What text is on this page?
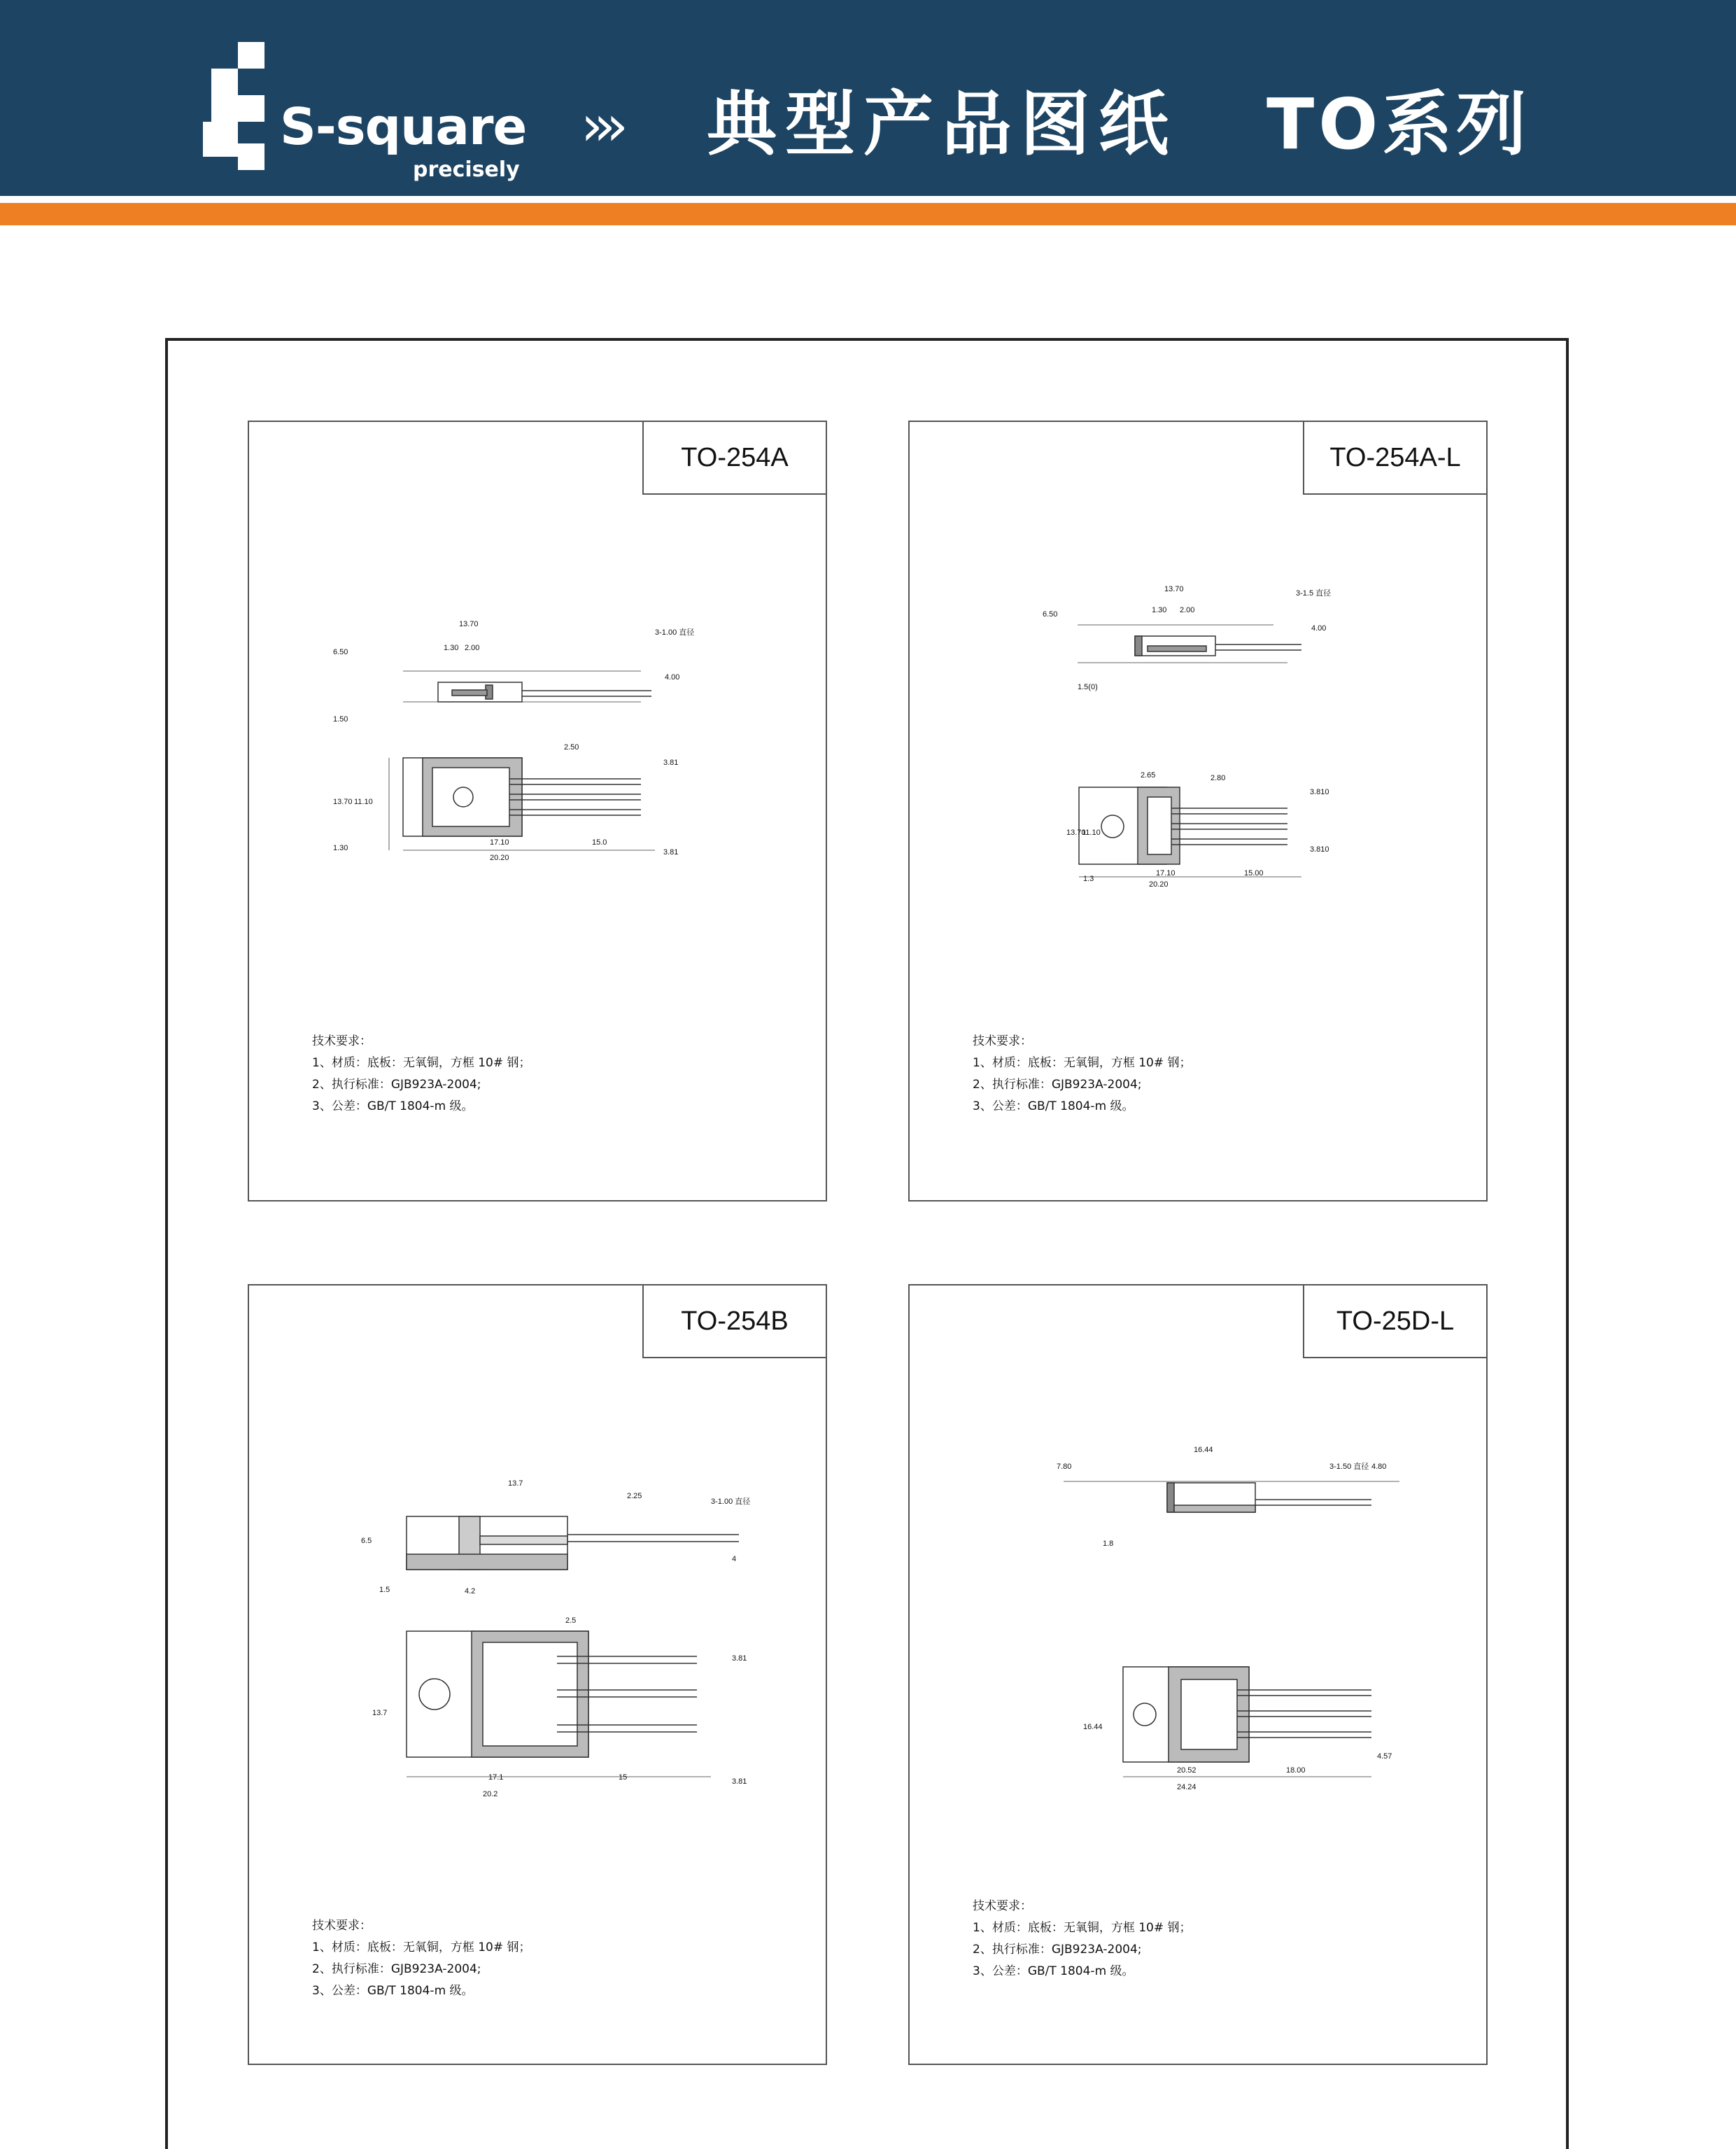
S-square
precisely
››› 典型产品图纸 TO系列
TO-254A
13.70
1.30 2.00
6.50
4.00
1.50
3-1.00 直径
2.50
3.81
13.70 11.10
17.10
20.20
15.0
1.30	3.81
技术要求：
1、材质：底板：无氧铜，方框 10# 钢；
2、执行标准：GJB923A-2004;
3、公差：GB/T 1804-m 级。
TO-254A-L
13.70
1.30 2.00
6.50
4.00
1.5(0)
3-1.5 直径
2.65	2.80
3.810
13.70
11.10
17.10
20.20
15.00
1.3
3.810
技术要求：
1、材质：底板：无氧铜，方框 10# 钢；
2、执行标准：GJB923A-2004;
3、公差：GB/T 1804-m 级。
TO-254B
13.7
2.25
6.5
1.5	4.2
4
3-1.00 直径
2.5
3.81
13.7
17.1
20.2
15	3.81
技术要求：
1、材质：底板：无氧铜，方框 10# 钢；
2、执行标准：GJB923A-2004;
3、公差：GB/T 1804-m 级。
TO-25D-L
16.44
7.80	4.80
1.8
3-1.50 直径
16.44
20.52	18.00
24.24
4.57
技术要求：
1、材质：底板：无氧铜，方框 10# 钢；
2、执行标准：GJB923A-2004;
3、公差：GB/T 1804-m 级。
